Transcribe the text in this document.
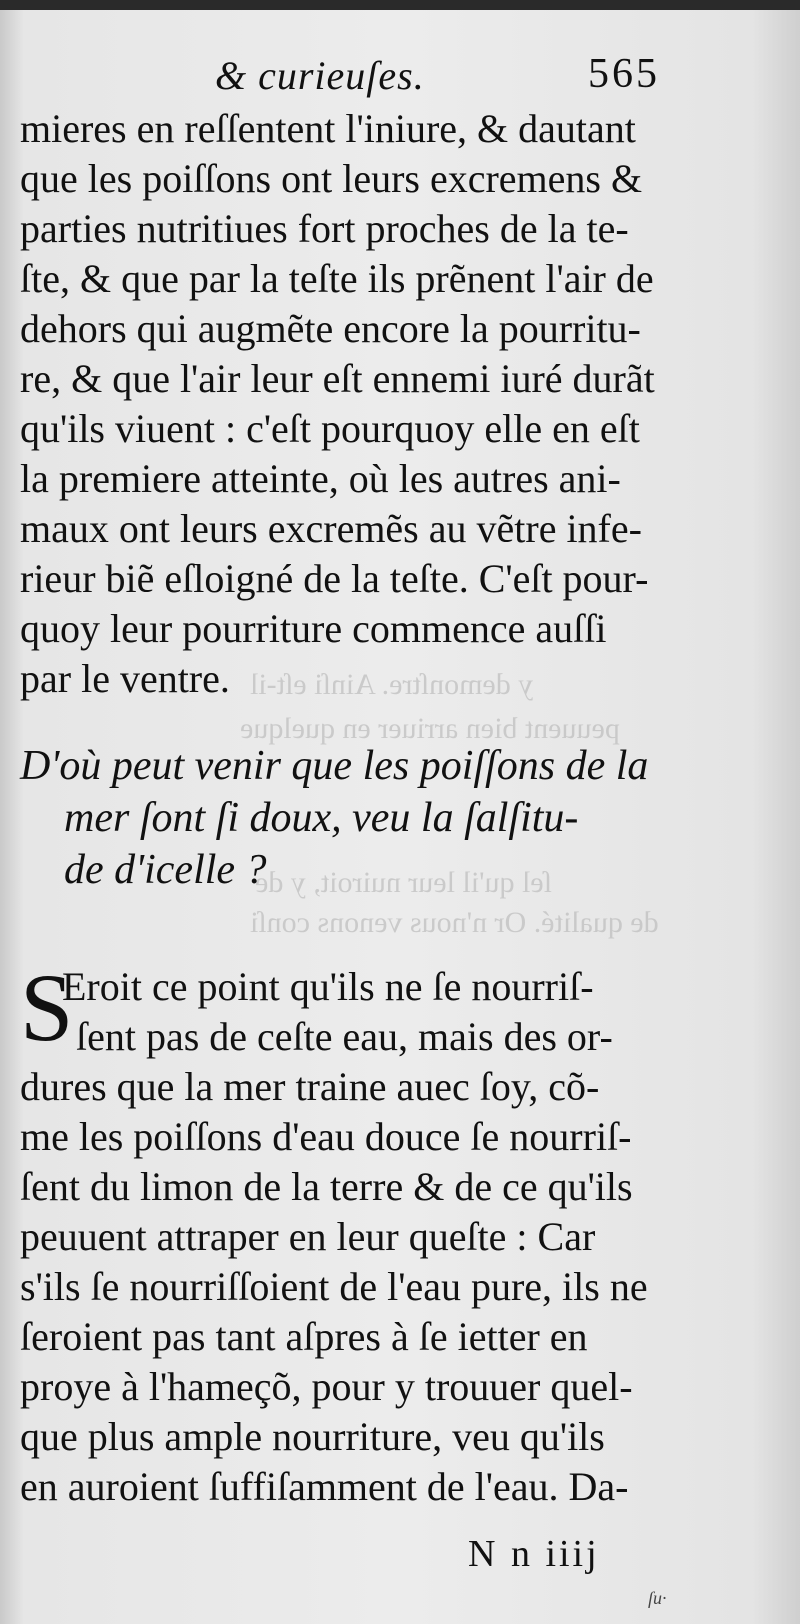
y demonſtre. Ainſi eſt-il
peuuent bien arriuer en quelque
ſel qu'il leur nuiroit, y de
de qualité. Or n'nous venons conſi
& curieuſes.	565
mieres en reſſentent l'iniure, & dautant
que les poiſſons ont leurs excremens &
parties nutritiues fort proches de la te-
ſte, & que par la teſte ils prẽnent l'air de
dehors qui augmẽte encore la pourritu-
re, & que l'air leur eſt ennemi iuré durãt
qu'ils viuent : c'eſt pourquoy elle en eſt
la premiere atteinte, où les autres ani-
maux ont leurs excremẽs au vẽtre infe-
rieur biẽ eſloigné de la teſte. C'eſt pour-
quoy leur pourriture commence auſſi
par le ventre.
D'où peut venir que les poiſſons de la
mer ſont ſi doux, veu la ſalſitu-
de d'icelle ?
S
Eroit ce point qu'ils ne ſe nourriſ-
ſent pas de ceſte eau, mais des or-
dures que la mer traine auec ſoy, cõ-
me les poiſſons d'eau douce ſe nourriſ-
ſent du limon de la terre & de ce qu'ils
peuuent attraper en leur queſte : Car
s'ils ſe nourriſſoient de l'eau pure, ils ne
ſeroient pas tant aſpres à ſe ietter en
proye à l'hameçõ, pour y trouuer quel-
que plus ample nourriture, veu qu'ils
en auroient ſuffiſamment de l'eau. Da-
N n iiij
ſu·
